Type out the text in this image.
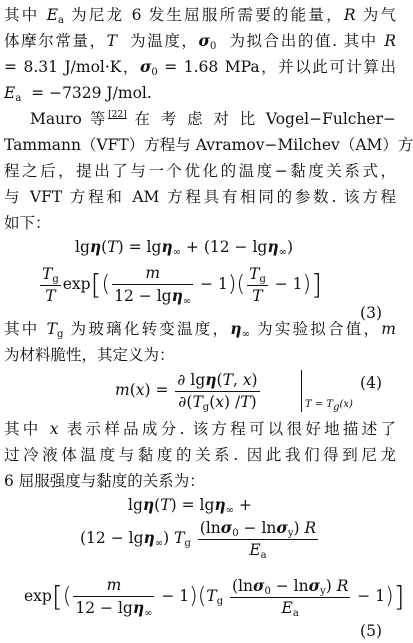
其中 $E_a$ 为尼龙 6 发生屈服所需要的能量，R 为气
体摩尔常量，T  为温度，$\sigma_0$  为拟合出的值. 其中 R
= 8.31 J/mol·K，$\sigma_0 = 1.68$ MPa，并以此可计算出
$E_a = -7329$ J/mol.
Mauro 等[22] 在 考 虑 对 比 Vogel−Fulcher−
Tammann（VFT）方程与 Avramov−Milchev（AM）方
程之后，提出了与一个优化的温度−黏度关系式，
与 VFT 方程和 AM 方程具有相同的参数. 该方程
如下：
lgη(T) = lgη$_\infty$ + (12 − lgη$_\infty$)
$\frac{T_g}{T} \exp[( \frac{m}{12 - \lg\eta_\infty} - 1)( \frac{T_g}{T} - 1)]$
(3)
其中 $T_g$ 为玻璃化转变温度，$\eta_\infty$ 为实验拟合值，m
为材料脆性，其定义为：
$m(x) = \frac{\partial \lg\eta(T, x)}{\partial(T_g(x) /T)}$	$T = T_g(x)$
(4)
其中 x 表示样品成分. 该方程可以很好地描述了
过冷液体温度与黏度的关系. 因此我们得到尼龙
6 屈服强度与黏度的关系为：
lgη(T) = lgη$_\infty$ +
(12 − lgη$_\infty$) $T_g \frac{(\ln\sigma_0 - \ln\sigma_y) R}{E_a}$
$\exp[( \frac{m}{12 - \lg\eta_\infty} - 1)(T_g \frac{(\ln\sigma_0 - \ln\sigma_y) R}{E_a} - 1)]$
(5)
